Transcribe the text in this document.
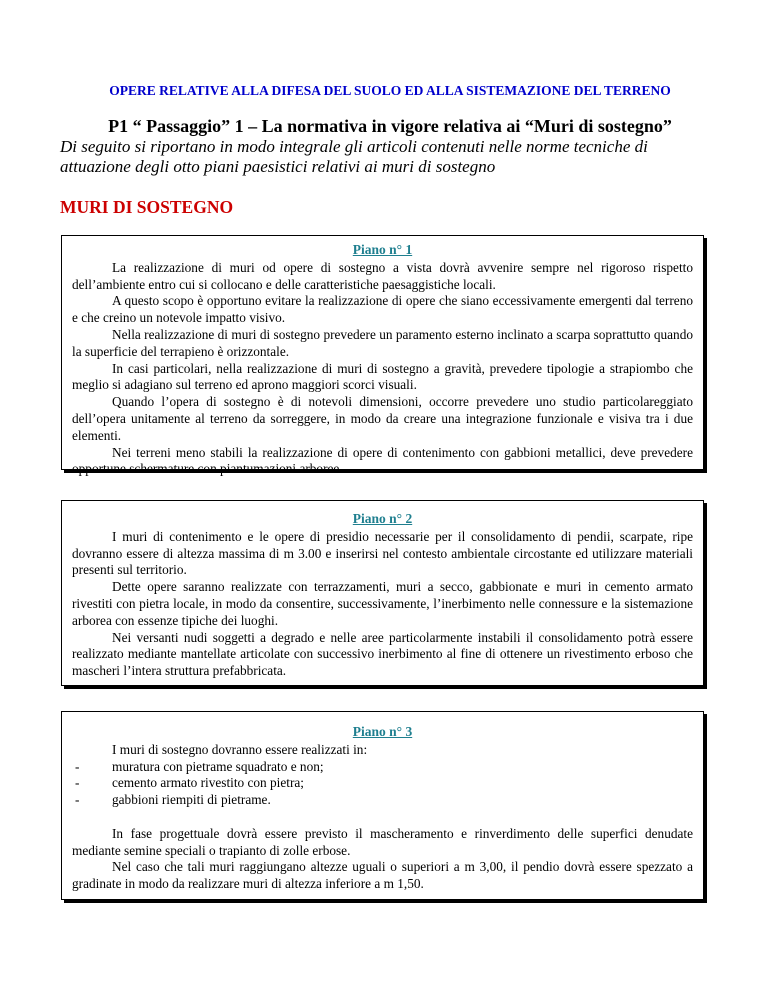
OPERE RELATIVE ALLA DIFESA DEL SUOLO ED ALLA SISTEMAZIONE DEL TERRENO
P1 “ Passaggio” 1 – La normativa in vigore relativa ai “Muri di sostegno”

Di seguito si riportano in modo integrale gli articoli contenuti nelle norme tecniche di attuazione degli otto piani paesistici relativi ai muri di sostegno

MURI DI SOSTEGNO
Piano n° 1

La realizzazione di muri od opere di sostegno a vista dovrà avvenire sempre nel rigoroso rispetto dell’ambiente entro cui si collocano e delle caratteristiche paesaggistiche locali.

A questo scopo è opportuno evitare la realizzazione di opere che siano eccessivamente emergenti dal terreno e che creino un notevole impatto visivo.

Nella realizzazione di muri di sostegno prevedere un paramento esterno inclinato a scarpa soprattutto quando la superficie del terrapieno è orizzontale.

In casi particolari, nella realizzazione di muri di sostegno a gravità, prevedere tipologie a strapiombo che meglio si adagiano sul terreno ed aprono maggiori scorci visuali.

Quando l’opera di sostegno è di notevoli dimensioni, occorre prevedere uno studio particolareggiato dell’opera unitamente al terreno da sorreggere, in modo da creare una integrazione funzionale e visiva tra i due elementi.

Nei terreni meno stabili la realizzazione di opere di contenimento con gabbioni metallici, deve prevedere opportune schermature con piantumazioni arboree.

Piano n° 2

I muri di contenimento e le opere di presidio necessarie per il consolidamento di pendii, scarpate, ripe dovranno essere di altezza massima di m 3.00 e inserirsi nel contesto ambientale circostante ed utilizzare materiali presenti sul territorio.

Dette opere saranno realizzate con terrazzamenti, muri a secco, gabbionate e muri in cemento armato rivestiti con pietra locale, in modo da consentire, successivamente, l’inerbimento nelle connessure e la sistemazione arborea con essenze tipiche dei luoghi.

Nei versanti nudi soggetti a degrado e nelle aree particolarmente instabili il consolidamento potrà essere realizzato mediante mantellate articolate con successivo inerbimento al fine di ottenere un rivestimento erboso che mascheri l’intera struttura prefabbricata.

Piano n° 3

I muri di sostegno dovranno essere realizzati in:

- muratura con pietrame squadrato e non;
- cemento armato rivestito con pietra;
- gabbioni riempiti di pietrame.

In fase progettuale dovrà essere previsto il mascheramento e rinverdimento delle superfici denudate mediante semine speciali o trapianto di zolle erbose.

Nel caso che tali muri raggiungano altezze uguali o superiori a m 3,00, il pendio dovrà essere spezzato a gradinate in modo da realizzare muri di altezza inferiore a m 1,50.
